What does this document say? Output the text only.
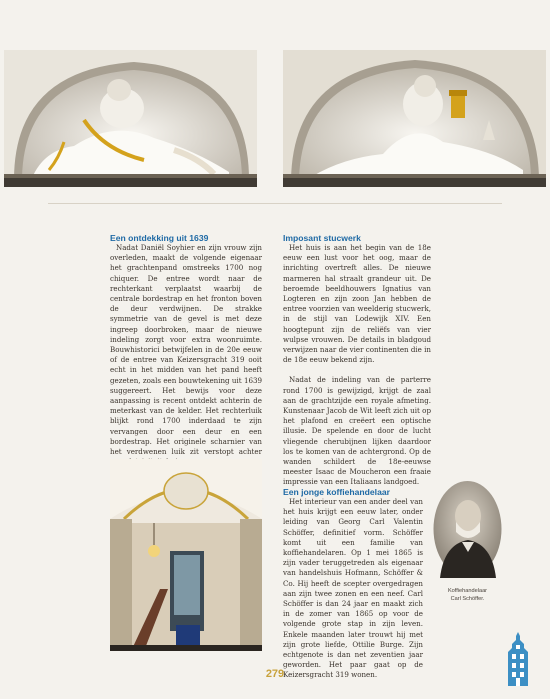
Een ontdekking uit 1639

Nadat Daniël Soyhier en zijn vrouw zijn overleden, maakt de volgende eigenaar het grachtenpand omstreeks 1700 nog chiquer. De entree wordt naar de rechterkant verplaatst waarbij de centrale bordestrap en het fronton boven de deur verdwijnen. De strakke symmetrie van de gevel is met deze ingreep doorbroken, maar de nieuwe indeling zorgt voor extra woonruimte. Bouwhistorici betwijfelen in de 20e eeuw of de entree van Keizersgracht 319 ooit echt in het midden van het pand heeft gezeten, zoals een bouwtekening uit 1639 suggereert. Het bewijs voor deze aanpassing is recent ontdekt achterin de meterkast van de kelder. Het rechterluik blijkt rond 1700 inderdaad te zijn vervangen door een deur en een bordestrap. Het originele scharnier van het verdwenen luik zit verstopt achter

Imposant stucwerk

Het huis is aan het begin van de 18e eeuw een lust voor het oog, maar de inrichting overtreft alles. De nieuwe marmeren hal straalt grandeur uit. De beroemde beeldhouwers Ignatius van Logteren en zijn zoon Jan hebben de entree voorzien van weelderig stucwerk, in de stijl van Lodewijk XIV. Een hoogtepunt zijn de reliëfs van vier wulpse vrouwen. De details in bladgoud verwijzen naar de vier continenten die in de 18e eeuw bekend zijn.

Nadat de indeling van de parterre rond 1700 is gewijzigd, krijgt de zaal aan de grachtzijde een royale afmeting. Kunstenaar Jacob de Wit leeft zich uit op het plafond en creëert een optische illusie. De spelende en door de lucht vliegende cherubijnen lijken daardoor los te komen van de achtergrond. Op de wanden schildert de 18e-eeuwse meester Isaac de Moucheron een fraaie impressie van een Italiaans landgoed.

Een jonge koffiehandelaar

Het interieur van een ander deel van het huis krijgt een eeuw later, onder leiding van Georg Carl Valentin Schöffer, definitief vorm. Schöffer komt uit een familie van koffiehandelaren. Op 1 mei 1865 is zijn vader teruggetreden als eigenaar van handelshuis Hofmann, Schöffer & Co. Hij heeft de scepter overgedragen aan zijn twee zonen en een neef. Carl Schöffer is dan 24 jaar en maakt zich in de zomer van 1865 op voor de volgende grote stap in zijn leven. Enkele maanden later trouwt hij met zijn grote liefde, Ottilie Burge. Zijn echtgenote is dan net zeventien jaar geworden. Het paar gaat op de Keizersgracht 319 wonen.

Koffiehandelaar
Carl Schöffer.
279
